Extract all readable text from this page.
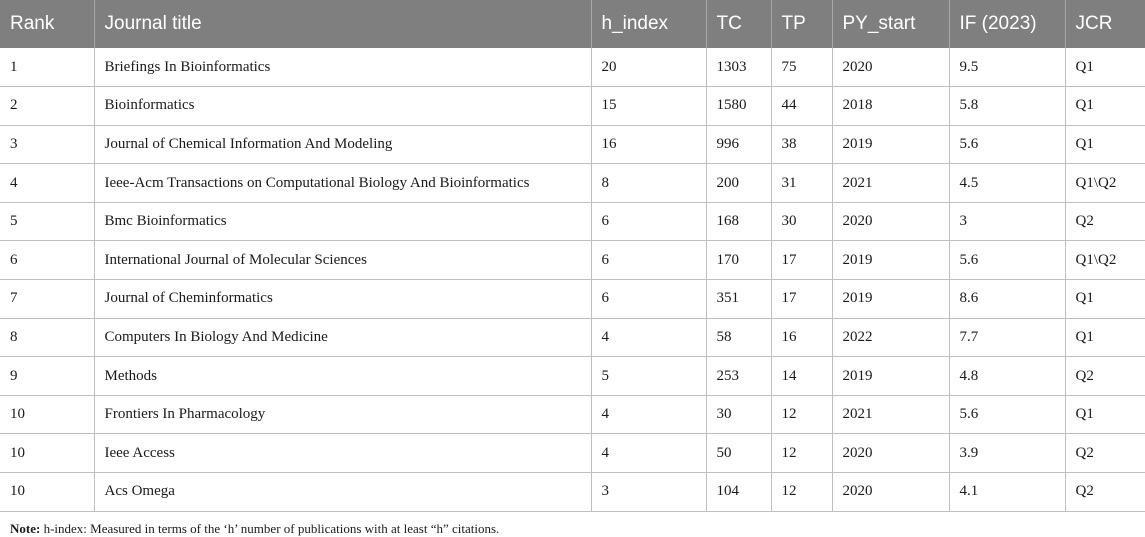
Rank	Journal title	h_index	TC	TP	PY_start	IF (2023)	JCR
1	Briefings In Bioinformatics	20	1303	75	2020	9.5	Q1
2	Bioinformatics	15	1580	44	2018	5.8	Q1
3	Journal of Chemical Information And Modeling	16	996	38	2019	5.6	Q1
4	Ieee-Acm Transactions on Computational Biology And Bioinformatics	8	200	31	2021	4.5	Q1\Q2
5	Bmc Bioinformatics	6	168	30	2020	3	Q2
6	International Journal of Molecular Sciences	6	170	17	2019	5.6	Q1\Q2
7	Journal of Cheminformatics	6	351	17	2019	8.6	Q1
8	Computers In Biology And Medicine	4	58	16	2022	7.7	Q1
9	Methods	5	253	14	2019	4.8	Q2
10	Frontiers In Pharmacology	4	30	12	2021	5.6	Q1
10	Ieee Access	4	50	12	2020	3.9	Q2
10	Acs Omega	3	104	12	2020	4.1	Q2
Note: h-index: Measured in terms of the ‘h’ number of publications with at least “h” citations.
